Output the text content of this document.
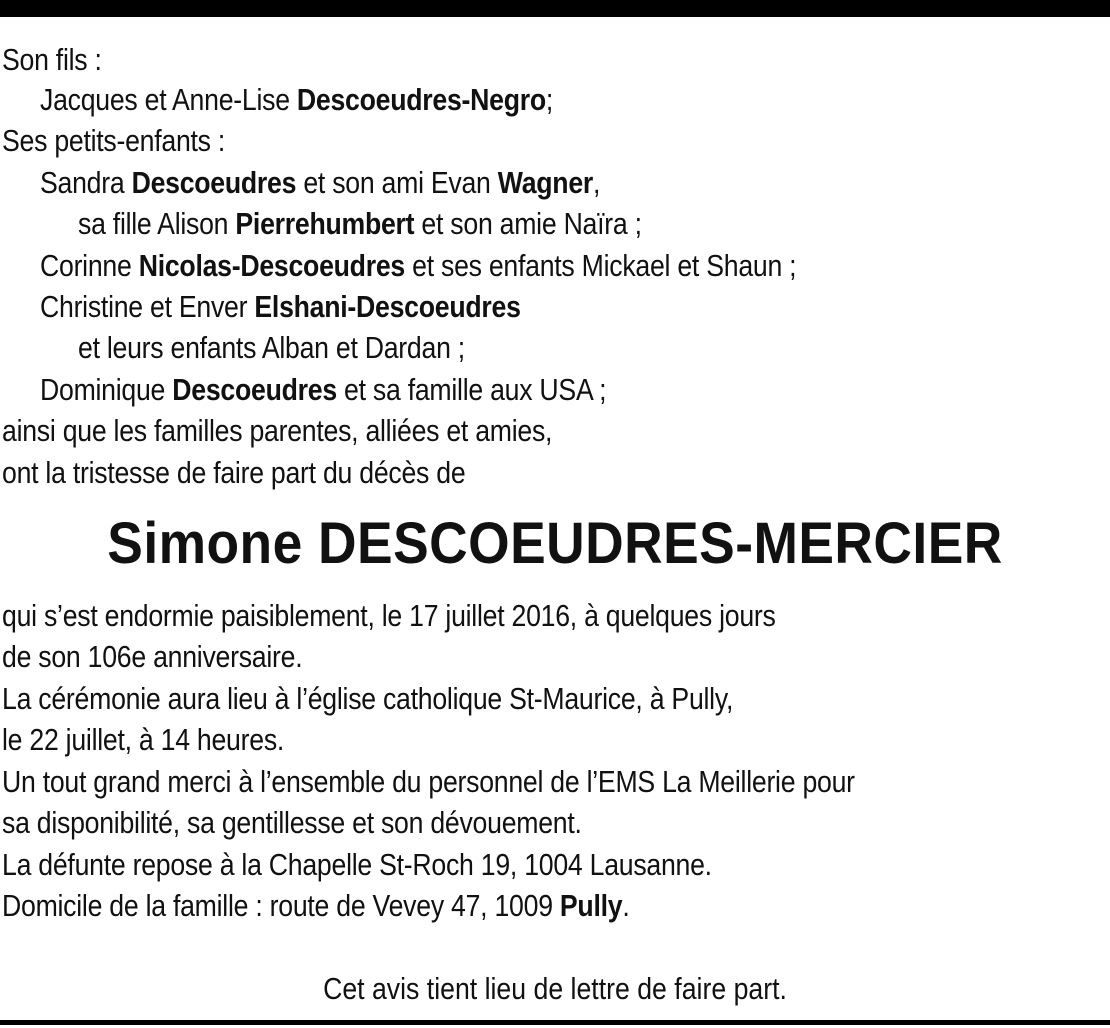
Son fils :
Jacques et Anne-Lise Descoeudres-Negro;
Ses petits-enfants :
Sandra Descoeudres et son ami Evan Wagner,
sa fille Alison Pierrehumbert et son amie Naïra ;
Corinne Nicolas-Descoeudres et ses enfants Mickael et Shaun ;
Christine et Enver Elshani-Descoeudres
et leurs enfants Alban et Dardan ;
Dominique Descoeudres et sa famille aux USA ;
ainsi que les familles parentes, alliées et amies,
ont la tristesse de faire part du décès de
Simone DESCOEUDRES-MERCIER
qui s’est endormie paisiblement, le 17 juillet 2016, à quelques jours
de son 106e anniversaire.
La cérémonie aura lieu à l’église catholique St-Maurice, à Pully,
le 22 juillet, à 14 heures.
Un tout grand merci à l’ensemble du personnel de l’EMS La Meillerie pour
sa disponibilité, sa gentillesse et son dévouement.
La défunte repose à la Chapelle St-Roch 19, 1004 Lausanne.
Domicile de la famille : route de Vevey 47, 1009 Pully.
Cet avis tient lieu de lettre de faire part.
